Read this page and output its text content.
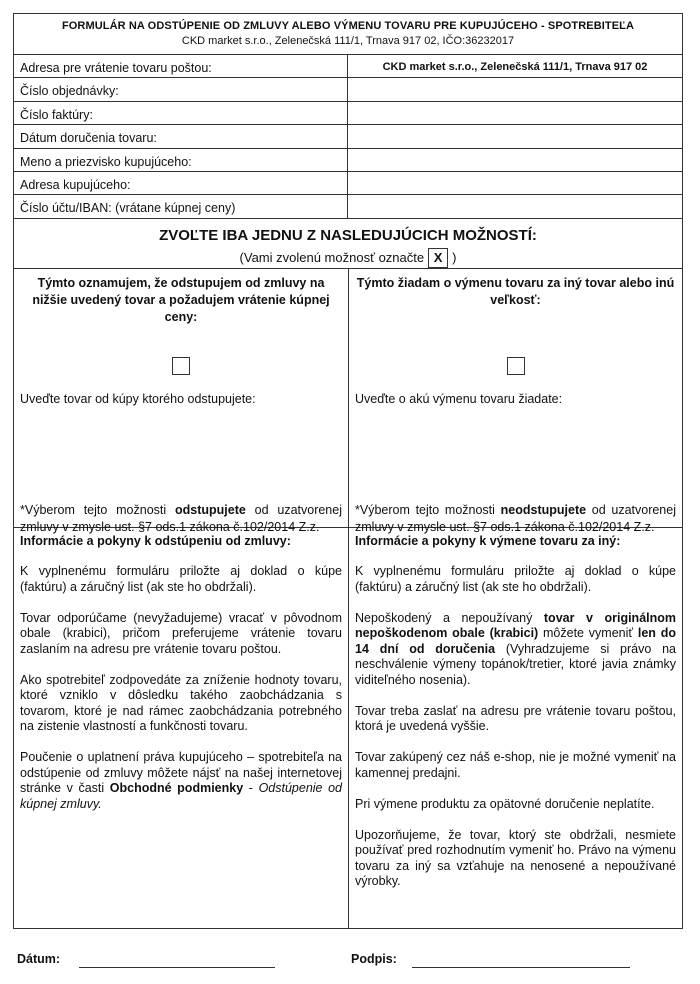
FORMULÁR NA ODSTÚPENIE OD ZMLUVY ALEBO VÝMENU TOVARU PRE KUPUJÚCEHO - SPOTREBITEĽA
CKD market s.r.o., Zelenečská 111/1, Trnava 917 02, IČO:36232017
Adresa pre vrátenie tovaru poštou:	CKD market s.r.o., Zelenečská 111/1, Trnava 917 02
Číslo objednávky:
Číslo faktúry:
Dátum doručenia tovaru:
Meno a priezvisko kupujúceho:
Adresa kupujúceho:
Číslo účtu/IBAN: (vrátane kúpnej ceny)
ZVOĽTE IBA JEDNU Z NASLEDUJÚCICH MOŽNOSTÍ:
(Vami zvolenú možnosť označte X )
Týmto oznamujem, že odstupujem od zmluvy na nižšie uvedený tovar a požadujem vrátenie kúpnej ceny:
Uveďte tovar od kúpy ktorého odstupujete:
*Výberom tejto možnosti odstupujete od uzatvorenej zmluvy v zmysle ust. §7 ods.1 zákona č.102/2014 Z.z.
Týmto žiadam o výmenu tovaru za iný tovar alebo inú veľkosť:
Uveďte o akú výmenu tovaru žiadate:
*Výberom tejto možnosti neodstupujete od uzatvorenej zmluvy v zmysle ust. §7 ods.1 zákona č.102/2014 Z.z.
Informácie a pokyny k odstúpeniu od zmluvy:

K vyplnenému formuláru priložte aj doklad o kúpe (faktúru) a záručný list (ak ste ho obdržali).

Tovar odporúčame (nevyžadujeme) vracať v pôvodnom obale (krabici), pričom preferujeme vrátenie tovaru zaslaním na adresu pre vrátenie tovaru poštou.

Ako spotrebiteľ zodpovedáte za zníženie hodnoty tovaru, ktoré vzniklo v dôsledku takého zaobchádzania s tovarom, ktoré je nad rámec zaobchádzania potrebného na zistenie vlastností a funkčnosti tovaru.

Poučenie o uplatnení práva kupujúceho – spotrebiteľa na odstúpenie od zmluvy môžete nájsť na našej internetovej stránke v časti Obchodné podmienky - Odstúpenie od kúpnej zmluvy.

Informácie a pokyny k výmene tovaru za iný:

K vyplnenému formuláru priložte aj doklad o kúpe (faktúru) a záručný list (ak ste ho obdržali).

Nepoškodený a nepoužívaný tovar v originálnom nepoškodenom obale (krabici) môžete vymeniť len do 14 dní od doručenia (Vyhradzujeme si právo na neschválenie výmeny topánok/tretier, ktoré javia známky viditeľného nosenia).

Tovar treba zaslať na adresu pre vrátenie tovaru poštou, ktorá je uvedená vyššie.

Tovar zakúpený cez náš e-shop, nie je možné vymeniť na kamennej predajni.

Pri výmene produktu za opätovné doručenie neplatíte.

Upozorňujeme, že tovar, ktorý ste obdržali, nesmiete používať pred rozhodnutím vymeniť ho. Právo na výmenu tovaru za iný sa vzťahuje na nenosené a nepoužívané výrobky.

Dátum:	Podpis:
